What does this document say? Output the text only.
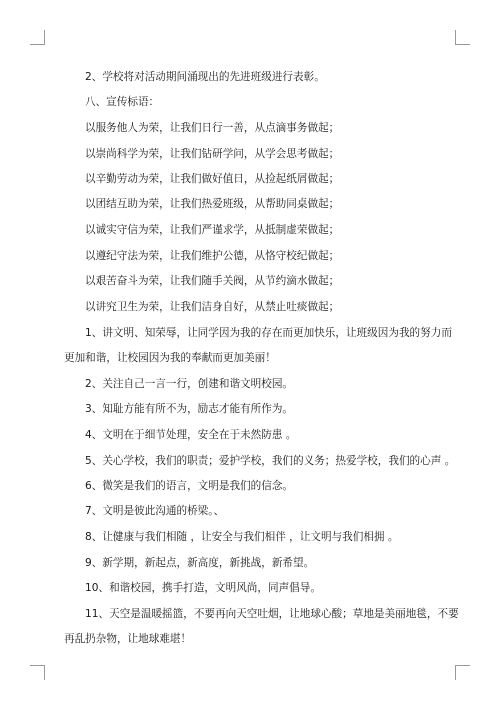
2、学校将对活动期间涌现出的先进班级进行表彰。
八、宣传标语：
以服务他人为荣，让我们日行一善，从点滴事务做起；
以崇尚科学为荣，让我们钻研学问，从学会思考做起；
以辛勤劳动为荣，让我们做好值日，从捡起纸屑做起；
以团结互助为荣，让我们热爱班级，从帮助同桌做起；
以诚实守信为荣，让我们严谨求学，从抵制虚荣做起；
以遵纪守法为荣，让我们维护公德，从恪守校纪做起；
以艰苦奋斗为荣，让我们随手关阀，从节约滴水做起；
以讲究卫生为荣，让我们洁身自好，从禁止吐痰做起；
1、讲文明、知荣辱，让同学因为我的存在而更加快乐，让班级因为我的努力而
更加和谐，让校园因为我的奉献而更加美丽！
2、关注自己一言一行，创建和谐文明校园。
3、知耻方能有所不为，励志才能有所作为。
4、文明在于细节处理，安全在于未然防患 。
5、关心学校，我们的职责；爱护学校，我们的义务；热爱学校，我们的心声 。
6、微笑是我们的语言，文明是我们的信念。
7、文明是彼此沟通的桥梁。、
8、让健康与我们相随 ，让安全与我们相伴 ，让文明与我们相拥 。
9、新学期，新起点，新高度，新挑战，新希望。
10、和谐校园，携手打造，文明风尚，同声倡导。
11、天空是温暖摇篮，不要再向天空吐烟，让地球心酸；草地是美丽地毯，不要
再乱扔杂物，让地球难堪！
